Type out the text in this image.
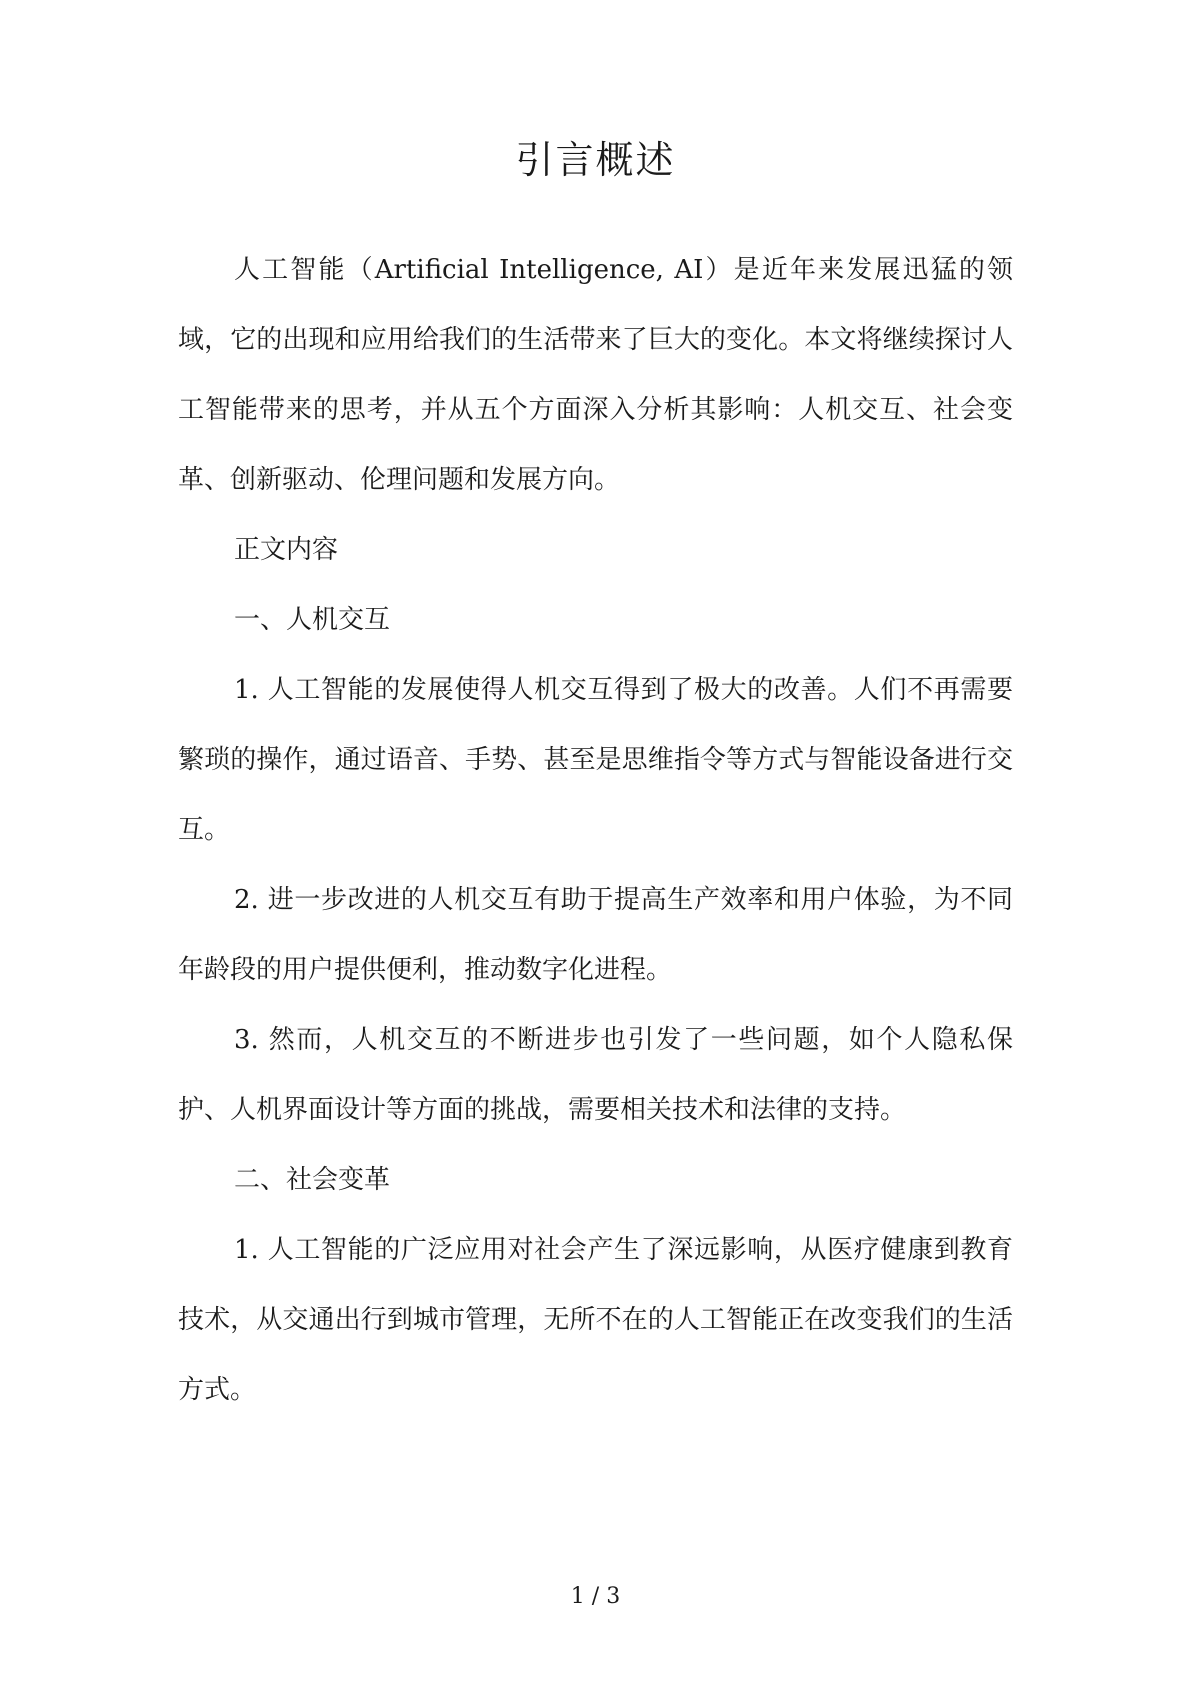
引言概述

人工智能（Artificial Intelligence, AI）是近年来发展迅猛的领域，它的出现和应用给我们的生活带来了巨大的变化。本文将继续探讨人工智能带来的思考，并从五个方面深入分析其影响：人机交互、社会变革、创新驱动、伦理问题和发展方向。

正文内容

一、人机交互

1. 人工智能的发展使得人机交互得到了极大的改善。人们不再需要繁琐的操作，通过语音、手势、甚至是思维指令等方式与智能设备进行交互。

2. 进一步改进的人机交互有助于提高生产效率和用户体验，为不同年龄段的用户提供便利，推动数字化进程。

3. 然而，人机交互的不断进步也引发了一些问题，如个人隐私保护、人机界面设计等方面的挑战，需要相关技术和法律的支持。

二、社会变革

1. 人工智能的广泛应用对社会产生了深远影响，从医疗健康到教育技术，从交通出行到城市管理，无所不在的人工智能正在改变我们的生活方式。

1 / 3
